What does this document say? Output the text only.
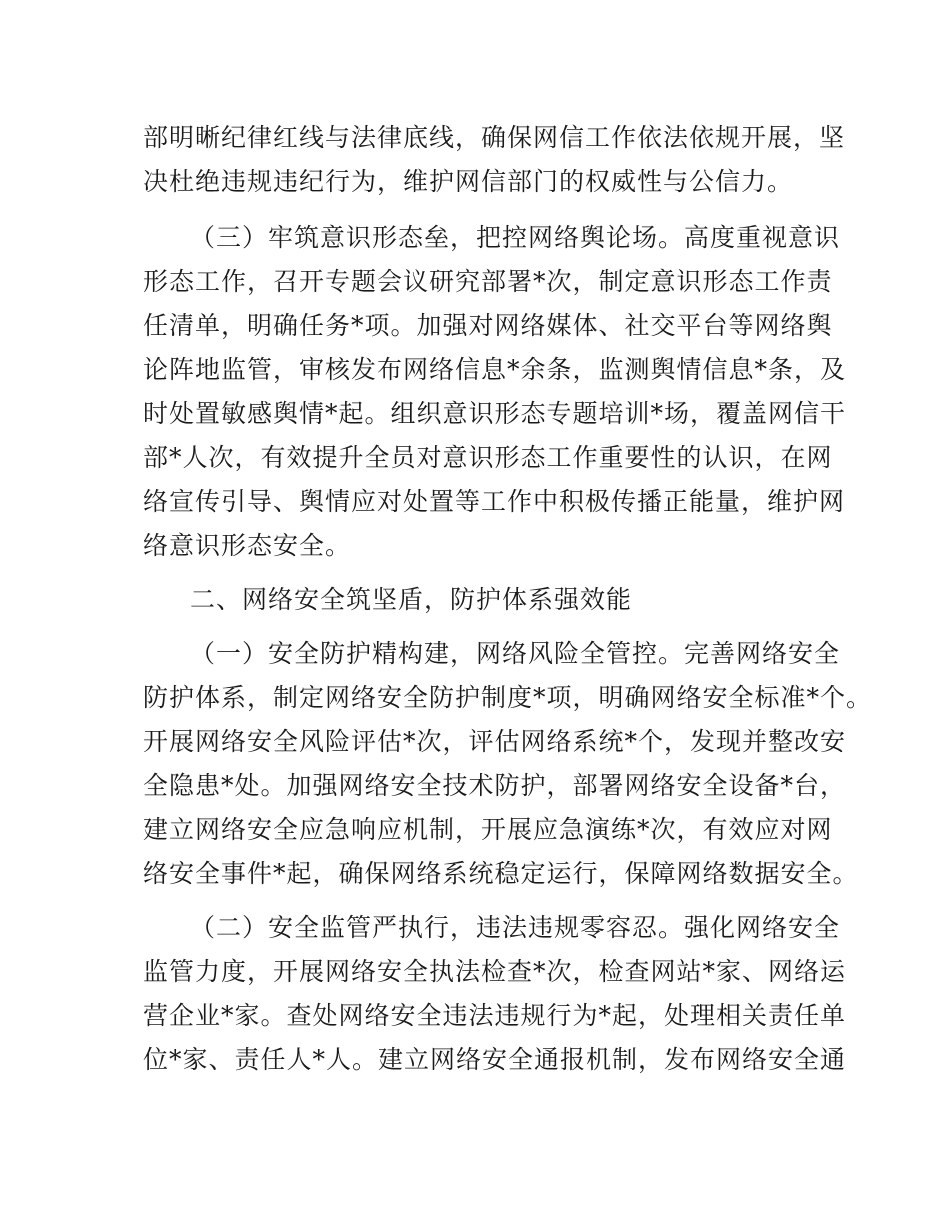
部明晰纪律红线与法律底线，确保网信工作依法依规开展，坚
决杜绝违规违纪行为，维护网信部门的权威性与公信力。
（三）牢筑意识形态垒，把控网络舆论场。高度重视意识
形态工作，召开专题会议研究部署*次，制定意识形态工作责
任清单，明确任务*项。加强对网络媒体、社交平台等网络舆
论阵地监管，审核发布网络信息*余条，监测舆情信息*条，及
时处置敏感舆情*起。组织意识形态专题培训*场，覆盖网信干
部*人次，有效提升全员对意识形态工作重要性的认识，在网
络宣传引导、舆情应对处置等工作中积极传播正能量，维护网
络意识形态安全。
二、网络安全筑坚盾，防护体系强效能
（一）安全防护精构建，网络风险全管控。完善网络安全
防护体系，制定网络安全防护制度*项，明确网络安全标准*个。
开展网络安全风险评估*次，评估网络系统*个，发现并整改安
全隐患*处。加强网络安全技术防护，部署网络安全设备*台，
建立网络安全应急响应机制，开展应急演练*次，有效应对网
络安全事件*起，确保网络系统稳定运行，保障网络数据安全。
（二）安全监管严执行，违法违规零容忍。强化网络安全
监管力度，开展网络安全执法检查*次，检查网站*家、网络运
营企业*家。查处网络安全违法违规行为*起，处理相关责任单
位*家、责任人*人。建立网络安全通报机制，发布网络安全通
